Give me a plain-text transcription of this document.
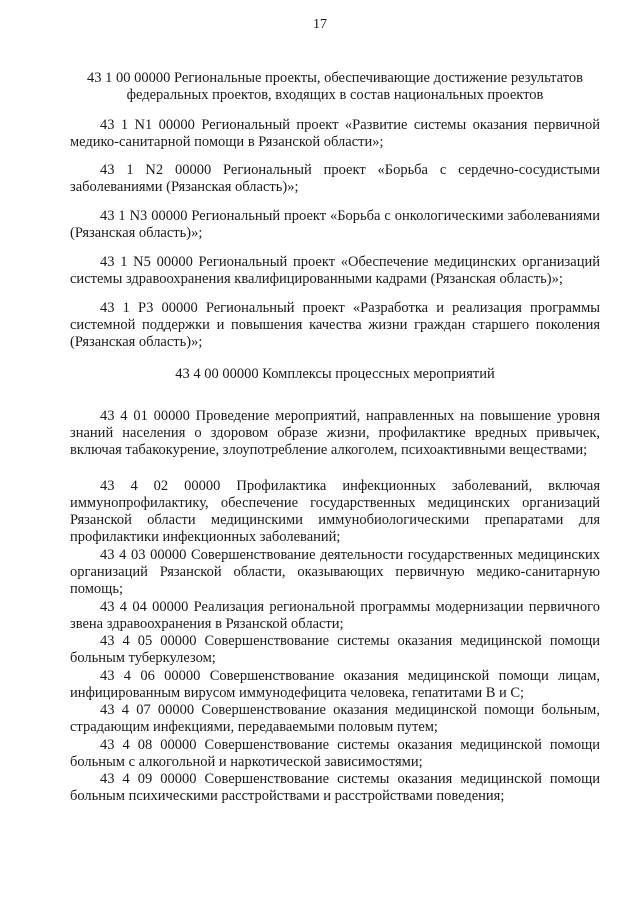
17
43 1 00 00000 Региональные проекты, обеспечивающие достижение результатов федеральных проектов, входящих в состав национальных проектов
43 1 N1 00000 Региональный проект «Развитие системы оказания первичной медико-санитарной помощи в Рязанской области»;
43 1 N2 00000 Региональный проект «Борьба с сердечно-сосудистыми заболеваниями (Рязанская область)»;
43 1 N3 00000 Региональный проект «Борьба с онкологическими заболеваниями (Рязанская область)»;
43 1 N5 00000 Региональный проект «Обеспечение медицинских организаций системы здравоохранения квалифицированными кадрами (Рязанская область)»;
43 1 P3 00000 Региональный проект «Разработка и реализация программы системной поддержки и повышения качества жизни граждан старшего поколения (Рязанская область)»;
43 4 00 00000 Комплексы процессных мероприятий
43 4 01 00000 Проведение мероприятий, направленных на повышение уровня знаний населения о здоровом образе жизни, профилактике вредных привычек, включая табакокурение, злоупотребление алкоголем, психоактивными веществами;
43 4 02 00000 Профилактика инфекционных заболеваний, включая иммунопрофилактику, обеспечение государственных медицинских организаций Рязанской области медицинскими иммунобиологическими препаратами для профилактики инфекционных заболеваний;
43 4 03 00000 Совершенствование деятельности государственных медицинских организаций Рязанской области, оказывающих первичную медико-санитарную помощь;
43 4 04 00000 Реализация региональной программы модернизации первичного звена здравоохранения в Рязанской области;
43 4 05 00000 Совершенствование системы оказания медицинской помощи больным туберкулезом;
43 4 06 00000 Совершенствование оказания медицинской помощи лицам, инфицированным вирусом иммунодефицита человека, гепатитами В и С;
43 4 07 00000 Совершенствование оказания медицинской помощи больным, страдающим инфекциями, передаваемыми половым путем;
43 4 08 00000 Совершенствование системы оказания медицинской помощи больным с алкогольной и наркотической зависимостями;
43 4 09 00000 Совершенствование системы оказания медицинской помощи больным психическими расстройствами и расстройствами поведения;
